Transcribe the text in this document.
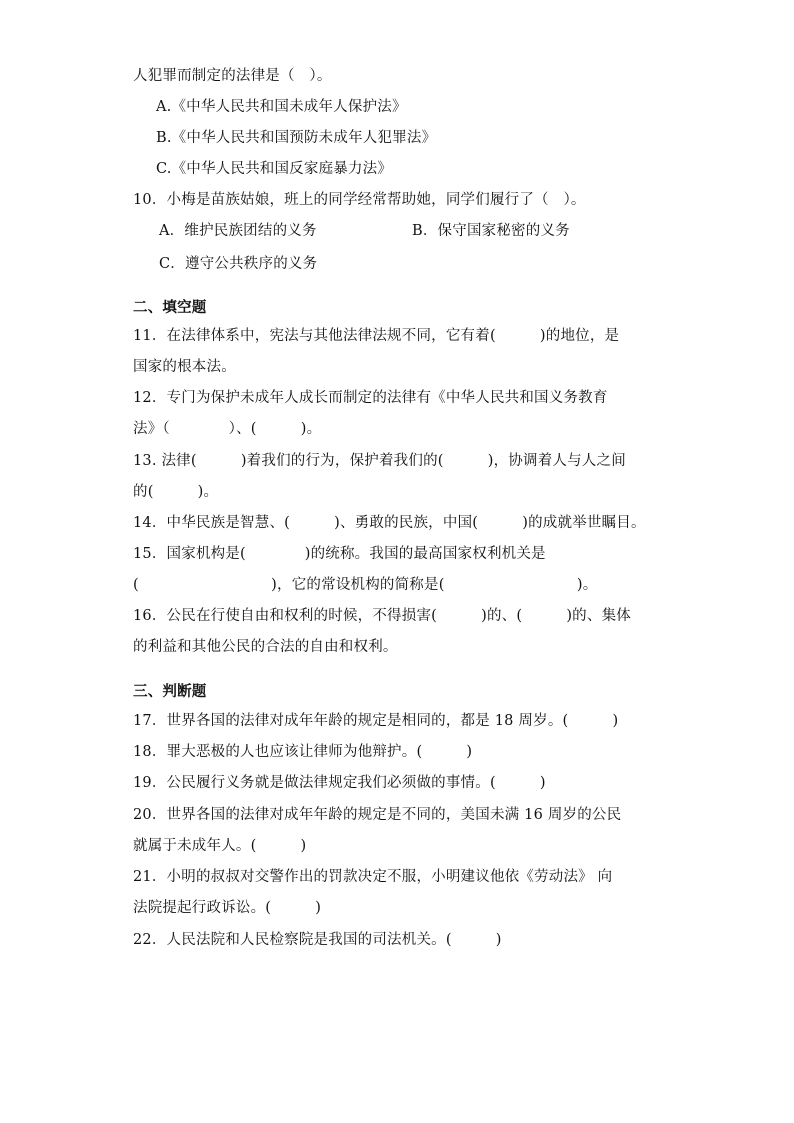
人犯罪而制定的法律是（　）。
A.《中华人民共和国未成年人保护法》
B.《中华人民共和国预防未成年人犯罪法》
C.《中华人民共和国反家庭暴力法》
10．小梅是苗族姑娘，班上的同学经常帮助她，同学们履行了（　）。
A．维护民族团结的义务	B．保守国家秘密的义务
C．遵守公共秩序的义务
二、填空题
11．在法律体系中，宪法与其他法律法规不同，它有着(　　　)的地位，是
国家的根本法。
12．专门为保护未成年人成长而制定的法律有《中华人民共和国义务教育
法》（　　　　）、(　　　)。
13. 法律(　　　)着我们的行为，保护着我们的(　　　)，协调着人与人之间
的(　　　)。
14．中华民族是智慧、(　　　)、勇敢的民族，中国(　　　)的成就举世瞩目。
15．国家机构是(　　　　)的统称。我国的最高国家权利机关是
(　　　　　　　　　)，它的常设机构的简称是(　　　　　　　　　)。
16．公民在行使自由和权利的时候，不得损害(　　　)的、(　　　)的、集体
的利益和其他公民的合法的自由和权利。
三、判断题
17．世界各国的法律对成年年龄的规定是相同的，都是 18 周岁。(　　　)
18．罪大恶极的人也应该让律师为他辩护。(　　　)
19．公民履行义务就是做法律规定我们必须做的事情。(　　　)
20．世界各国的法律对成年年龄的规定是不同的，美国未满 16 周岁的公民
就属于未成年人。(　　　)
21．小明的叔叔对交警作出的罚款决定不服，小明建议他依《劳动法》 向
法院提起行政诉讼。(　　　)
22．人民法院和人民检察院是我国的司法机关。(　　　)
